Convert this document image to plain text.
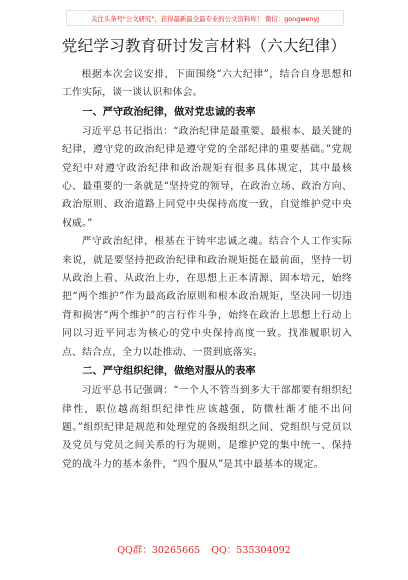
关注头条号"公文研究"，获得最新最全最专业的公文资料库！ 微信：gongwenyj
党纪学习教育研讨发言材料（六大纪律）

根据本次会议安排，下面围绕“六大纪律”，结合自身思想和工作实际，谈一谈认识和体会。

一、严守政治纪律，做对党忠诚的表率

习近平总书记指出：“政治纪律是最重要、最根本、最关键的纪律，遵守党的政治纪律是遵守党的全部纪律的重要基础。”党规党纪中对遵守政治纪律和政治规矩有很多具体规定，其中最核心、最重要的一条就是“坚持党的领导，在政治立场、政治方向、政治原则、政治道路上同党中央保持高度一致，自觉维护党中央权威。”

严守政治纪律，根基在于铸牢忠诚之魂。结合个人工作实际来说，就是要坚持把政治纪律和政治规矩挺在最前面，坚持一切从政治上看、从政治上办，在思想上正本清源、固本培元，始终把“两个维护”作为最高政治原则和根本政治规矩，坚决同一切违背和损害“两个维护”的言行作斗争，始终在政治上思想上行动上同以习近平同志为核心的党中央保持高度一致。找准履职切入点、结合点，全力以赴推动、一贯到底落实。

二、严守组织纪律，做绝对服从的表率

习近平总书记强调：“一个人不管当到多大干部都要有组织纪律性，职位越高组织纪律性应该越强，防微杜渐才能不出问题。”组织纪律是规范和处理党的各级组织之间、党组织与党员以及党员与党员之间关系的行为规则，是维护党的集中统一、保持党的战斗力的基本条件，“四个服从”是其中最基本的规定。

QQ群：30265665 QQ：535304092
